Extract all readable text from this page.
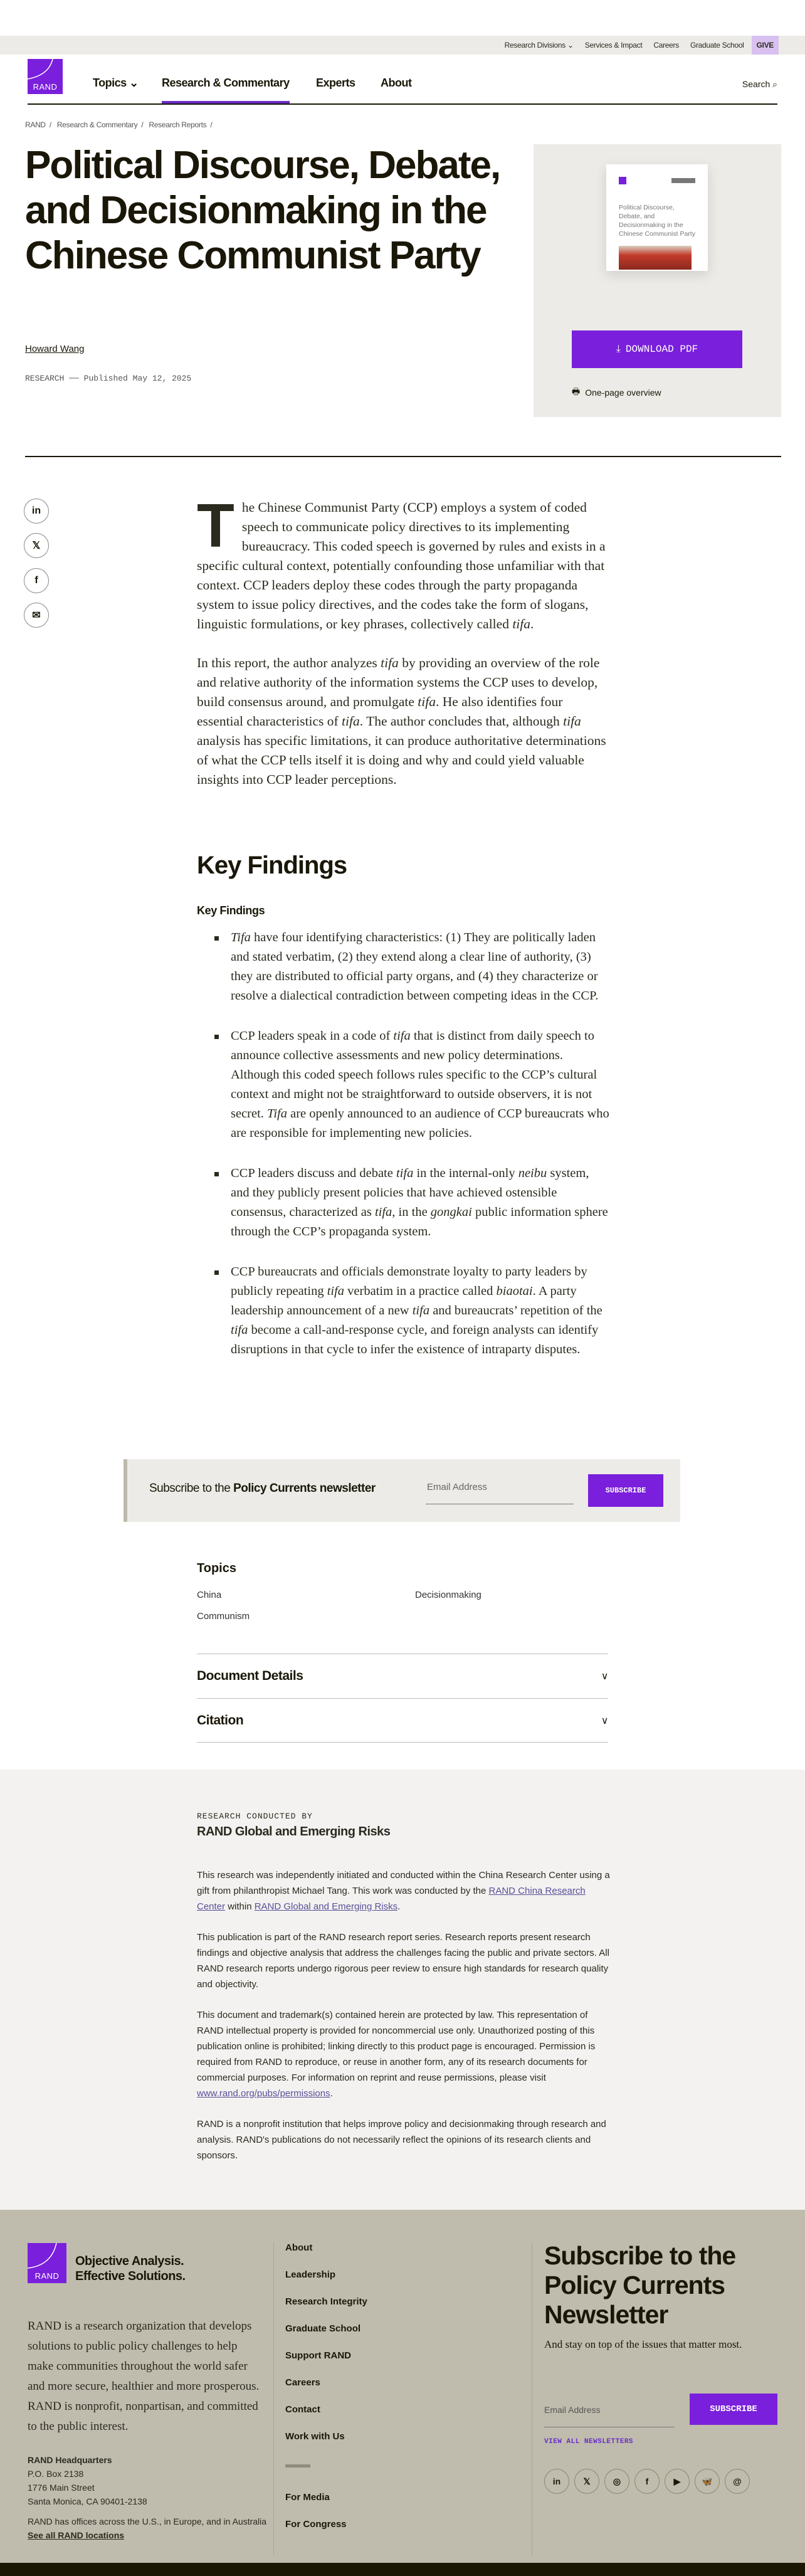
Research Divisions ⌄ Services & Impact Careers Graduate School	GIVE
RAND	Topics ⌄ Research & Commentary Experts About	Search ⌕
RAND / Research & Commentary / Research Reports /
Political Discourse, Debate, and Decisionmaking in the Chinese Communist Party
Howard Wang
RESEARCH ── Published May 12, 2025
Political Discourse, Debate, and Decisionmaking in the Chinese Communist Party
⤓ DOWNLOAD PDF
🖶 One-page overview
in
𝕏
f
✉

The Chinese Communist Party (CCP) employs a system of coded speech to communicate policy directives to its implementing bureaucracy. This coded speech is governed by rules and exists in a specific cultural context, potentially confounding those unfamiliar with that context. CCP leaders deploy these codes through the party propaganda system to issue policy directives, and the codes take the form of slogans, linguistic formulations, or key phrases, collectively called tifa.

In this report, the author analyzes tifa by providing an overview of the role and relative authority of the information systems the CCP uses to develop, build consensus around, and promulgate tifa. He also identifies four essential characteristics of tifa. The author concludes that, although tifa analysis has specific limitations, it can produce authoritative determinations of what the CCP tells itself it is doing and why and could yield valuable insights into CCP leader perceptions.

Key Findings
Key Findings
Tifa have four identifying characteristics: (1) They are politically laden and stated verbatim, (2) they extend along a clear line of authority, (3) they are distributed to official party organs, and (4) they characterize or resolve a dialectical contradiction between competing ideas in the CCP.
CCP leaders speak in a code of tifa that is distinct from daily speech to announce collective assessments and new policy determinations. Although this coded speech follows rules specific to the CCP’s cultural context and might not be straightforward to outside observers, it is not secret. Tifa are openly announced to an audience of CCP bureaucrats who are responsible for implementing new policies.
CCP leaders discuss and debate tifa in the internal-only neibu system, and they publicly present policies that have achieved ostensible consensus, characterized as tifa, in the gongkai public information sphere through the CCP’s propaganda system.
CCP bureaucrats and officials demonstrate loyalty to party leaders by publicly repeating tifa verbatim in a practice called biaotai. A party leadership announcement of a new tifa and bureaucrats’ repetition of the tifa become a call-and-response cycle, and foreign analysts can identify disruptions in that cycle to infer the existence of intraparty disputes.
Subscribe to the Policy Currents newsletter	Email Address	SUBSCRIBE
Topics
China	Decisionmaking
Communism
Document Details	∨
Citation	∨
RESEARCH CONDUCTED BY
RAND Global and Emerging Risks

This research was independently initiated and conducted within the China Research Center using a gift from philanthropist Michael Tang. This work was conducted by the RAND China Research Center within RAND Global and Emerging Risks.

This publication is part of the RAND research report series. Research reports present research findings and objective analysis that address the challenges facing the public and private sectors. All RAND research reports undergo rigorous peer review to ensure high standards for research quality and objectivity.

This document and trademark(s) contained herein are protected by law. This representation of RAND intellectual property is provided for noncommercial use only. Unauthorized posting of this publication online is prohibited; linking directly to this product page is encouraged. Permission is required from RAND to reproduce, or reuse in another form, any of its research documents for commercial purposes. For information on reprint and reuse permissions, please visit www.rand.org/pubs/permissions.

RAND is a nonprofit institution that helps improve policy and decisionmaking through research and analysis. RAND's publications do not necessarily reflect the opinions of its research clients and sponsors.

RAND
Objective Analysis.
Effective Solutions.
RAND is a research organization that develops solutions to public policy challenges to help make communities throughout the world safer and more secure, healthier and more prosperous. RAND is nonprofit, nonpartisan, and committed to the public interest.
RAND Headquarters
P.O. Box 2138
1776 Main Street
Santa Monica, CA 90401-2138
RAND has offices across the U.S., in Europe, and in Australia
See all RAND locations
About
Leadership
Research Integrity
Graduate School
Support RAND
Careers
Contact
Work with Us
For Media
For Congress
Subscribe to the Policy Currents Newsletter
And stay on top of the issues that matter most.
Email Address	SUBSCRIBE
VIEW ALL NEWSLETTERS
in	𝕏	◎	f	▶	🦋	@
